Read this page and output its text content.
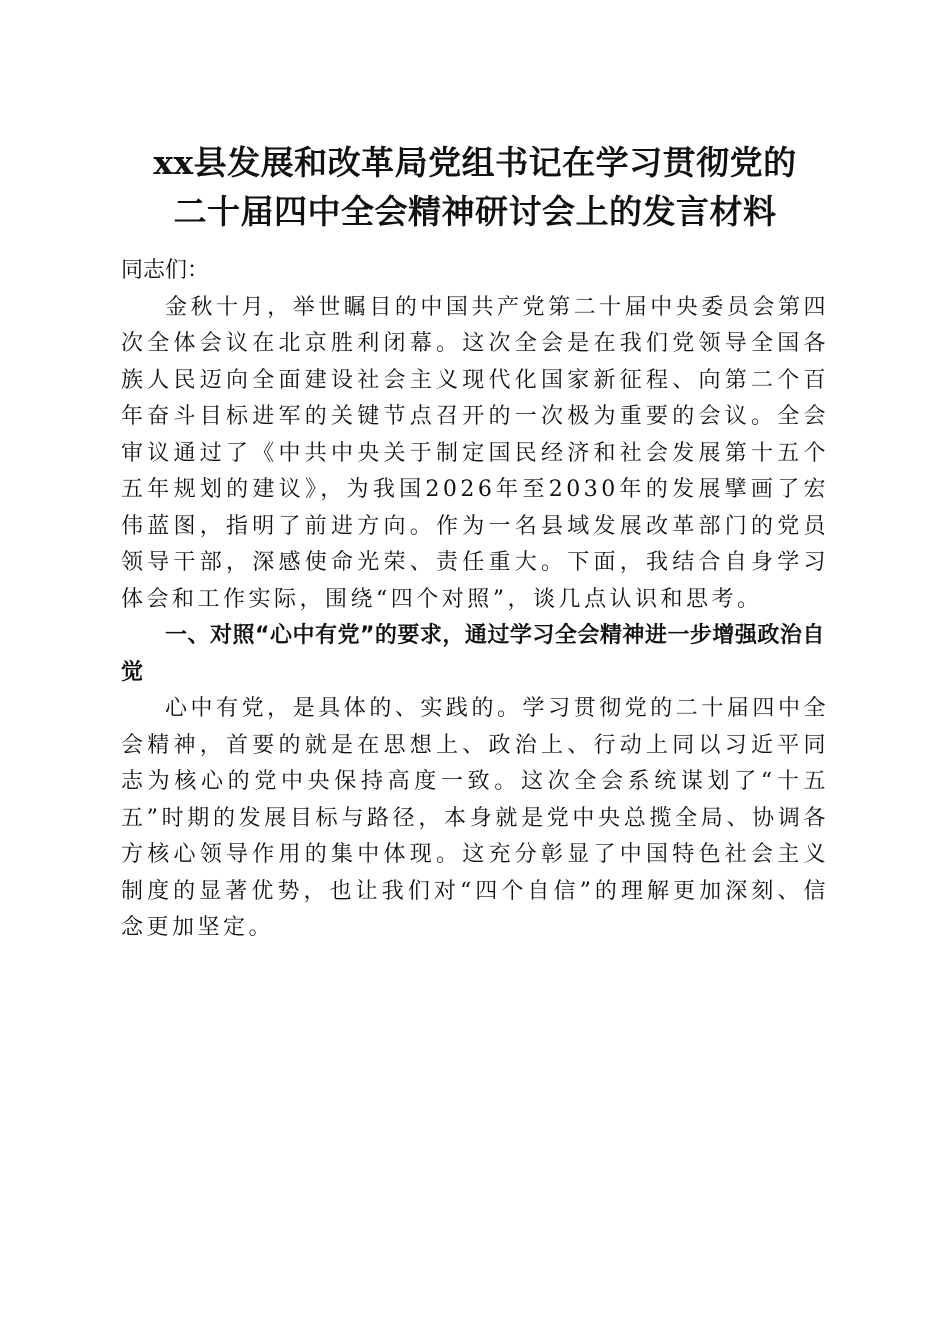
xx县发展和改革局党组书记在学习贯彻党的
二十届四中全会精神研讨会上的发言材料

同志们：

金秋十月，举世瞩目的中国共产党第二十届中央委员会第四次全体会议在北京胜利闭幕。这次全会是在我们党领导全国各族人民迈向全面建设社会主义现代化国家新征程、向第二个百年奋斗目标进军的关键节点召开的一次极为重要的会议。全会审议通过了《中共中央关于制定国民经济和社会发展第十五个五年规划的建议》，为我国2026年至2030年的发展擘画了宏伟蓝图，指明了前进方向。作为一名县域发展改革部门的党员领导干部，深感使命光荣、责任重大。下面，我结合自身学习体会和工作实际，围绕“四个对照”，谈几点认识和思考。

一、对照“心中有党”的要求，通过学习全会精神进一步增强政治自觉

心中有党，是具体的、实践的。学习贯彻党的二十届四中全会精神，首要的就是在思想上、政治上、行动上同以习近平同志为核心的党中央保持高度一致。这次全会系统谋划了“十五五”时期的发展目标与路径，本身就是党中央总揽全局、协调各方核心领导作用的集中体现。这充分彰显了中国特色社会主义制度的显著优势，也让我们对“四个自信”的理解更加深刻、信念更加坚定。
